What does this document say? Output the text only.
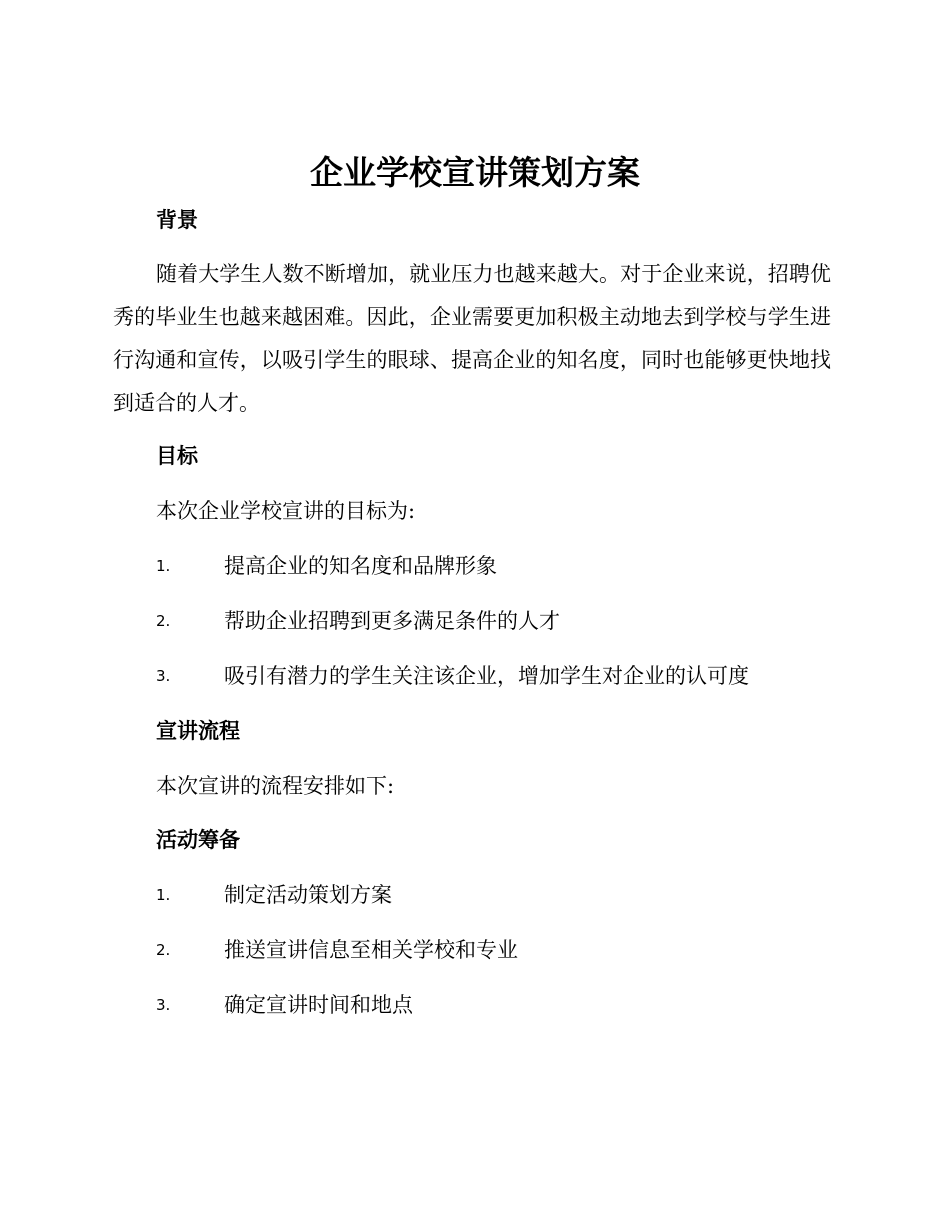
企业学校宣讲策划方案
背景

随着大学生人数不断增加，就业压力也越来越大。对于企业来说，招聘优秀的毕业生也越来越困难。因此，企业需要更加积极主动地去到学校与学生进行沟通和宣传，以吸引学生的眼球、提高企业的知名度，同时也能够更快地找到适合的人才。

目标

本次企业学校宣讲的目标为:

1.	提高企业的知名度和品牌形象
2.	帮助企业招聘到更多满足条件的人才
3.	吸引有潜力的学生关注该企业，增加学生对企业的认可度
宣讲流程

本次宣讲的流程安排如下:

活动筹备
1.	制定活动策划方案
2.	推送宣讲信息至相关学校和专业
3.	确定宣讲时间和地点
